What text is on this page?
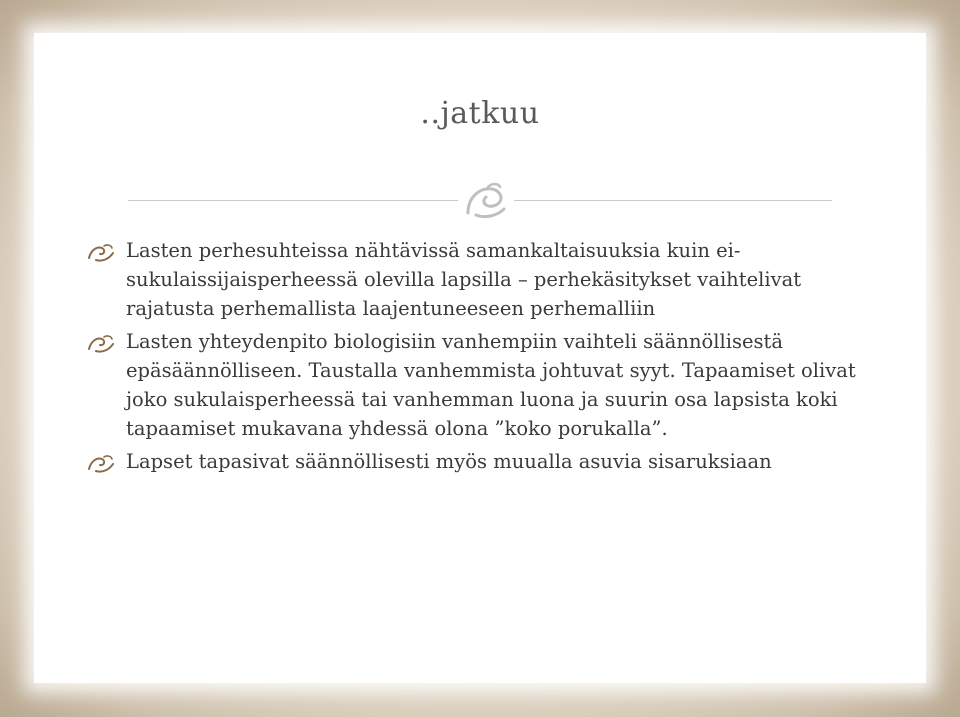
..jatkuu
Lasten perhesuhteissa nähtävissä samankaltaisuuksia kuin ei-sukulaissijaisperheessä olevilla lapsilla – perhekäsitykset vaihtelivat rajatusta perhemallista laajentuneeseen perhemalliin
Lasten yhteydenpito biologisiin vanhempiin vaihteli säännöllisestä epäsäännölliseen. Taustalla vanhemmista johtuvat syyt. Tapaamiset olivat joko sukulaisperheessä tai vanhemman luona ja suurin osa lapsista koki tapaamiset mukavana yhdessä olona ”koko porukalla”.
Lapset tapasivat säännöllisesti myös muualla asuvia sisaruksiaan
